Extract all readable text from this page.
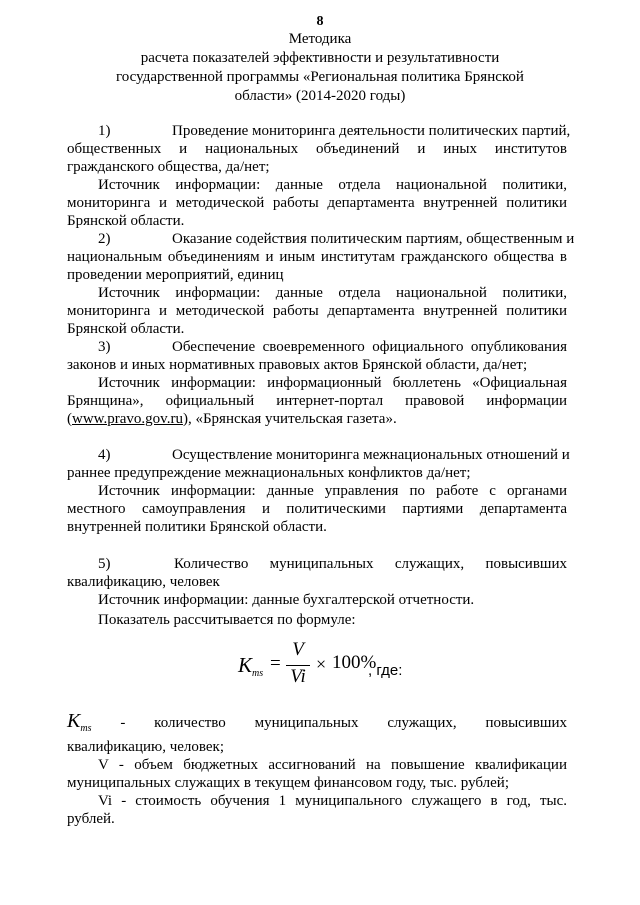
8
Методика
расчета показателей эффективности и результативности
государственной программы «Региональная политика Брянской
области» (2014-2020 годы)
1)	Проведение мониторинга деятельности политических партий,
общественных и национальных объединений и иных институтов
гражданского общества, да/нет;
Источник информации: данные отдела национальной политики,
мониторинга и методической работы департамента внутренней политики
Брянской области.
2)	Оказание содействия политическим партиям, общественным и
национальным объединениям и иным институтам гражданского общества в
проведении мероприятий, единиц
Источник информации: данные отдела национальной политики,
мониторинга и методической работы департамента внутренней политики
Брянской области.
3)	Обеспечение своевременного официального опубликования
законов и иных нормативных правовых актов Брянской области, да/нет;
Источник информации: информационный бюллетень «Официальная
Брянщина», официальный интернет-портал правовой информации
(www.pravo.gov.ru), «Брянская учительская газета».
4)	Осуществление мониторинга межнациональных отношений и
раннее предупреждение межнациональных конфликтов да/нет;
Источник информации: данные управления по работе с органами
местного самоуправления и политическими партиями департамента
внутренней политики Брянской области.
5)	Количество муниципальных служащих, повысивших
квалификацию, человек
Источник информации: данные бухгалтерской отчетности.
Показатель рассчитывается по формуле:
$K_{ms}$ =
V
Vi
× 100%
, где:
$K_{ms}$ - количество муниципальных служащих, повысивших
квалификацию, человек;
V - объем бюджетных ассигнований на повышение квалификации
муниципальных служащих в текущем финансовом году, тыс. рублей;
Vi - стоимость обучения 1 муниципального служащего в год, тыс.
рублей.
